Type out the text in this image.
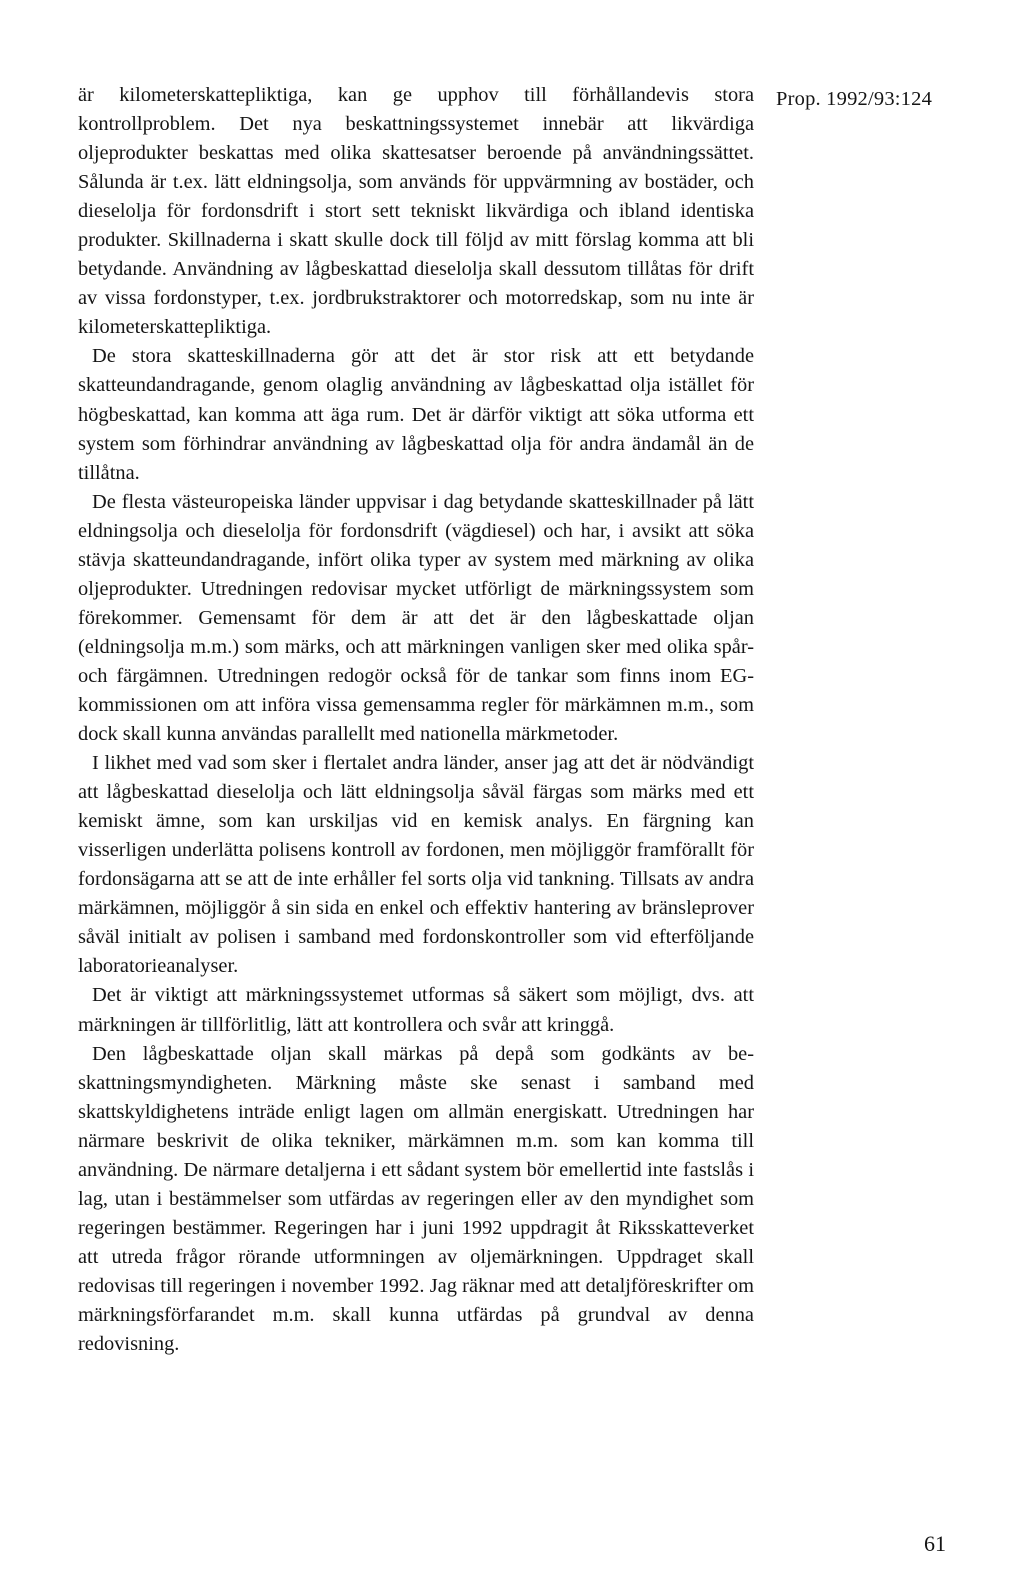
är kilometerskattepliktiga, kan ge upphov till förhållandevis stora kontrollproblem. Det nya beskattningssystemet innebär att likvärdiga oljeprodukter beskattas med olika skattesatser beroende på användningssättet. Sålunda är t.ex. lätt eldningsolja, som används för uppvärmning av bostäder, och dieselolja för fordonsdrift i stort sett tekniskt likvärdiga och ibland identiska produkter. Skillnaderna i skatt skulle dock till följd av mitt förslag komma att bli betydande. Användning av lågbeskattad dieselolja skall dessutom tillåtas för drift av vissa fordonstyper, t.ex. jordbrukstraktorer och motorredskap, som nu inte är kilometerskattepliktiga.

De stora skatteskillnaderna gör att det är stor risk att ett betydande skatteundandragande, genom olaglig användning av lågbeskattad olja istället för högbeskattad, kan komma att äga rum. Det är därför viktigt att söka utforma ett system som förhindrar användning av lågbeskattad olja för andra ändamål än de tillåtna.

De flesta västeuropeiska länder uppvisar i dag betydande skatteskillnader på lätt eldningsolja och dieselolja för fordonsdrift (vägdiesel) och har, i avsikt att söka stävja skatteundandragande, infört olika typer av system med märkning av olika oljeprodukter. Utredningen redovisar mycket utförligt de märkningssystem som förekommer. Gemensamt för dem är att det är den lågbeskattade oljan (eldningsolja m.m.) som märks, och att märkningen vanligen sker med olika spår- och färgämnen. Utredningen redogör också för de tankar som finns inom EG-kommissionen om att införa vissa gemensamma regler för märkämnen m.m., som dock skall kunna användas parallellt med nationella märkmetoder.

I likhet med vad som sker i flertalet andra länder, anser jag att det är nödvändigt att lågbeskattad dieselolja och lätt eldningsolja såväl färgas som märks med ett kemiskt ämne, som kan urskiljas vid en kemisk analys. En färgning kan visserligen underlätta polisens kontroll av fordonen, men möjliggör framförallt för fordonsägarna att se att de inte erhåller fel sorts olja vid tankning. Tillsats av andra märkämnen, möjliggör å sin sida en enkel och effektiv hantering av bränsleprover såväl initialt av polisen i samband med fordonskontroller som vid efterföljande laboratorieanalyser.

Det är viktigt att märkningssystemet utformas så säkert som möjligt, dvs. att märkningen är tillförlitlig, lätt att kontrollera och svår att kringgå.

Den lågbeskattade oljan skall märkas på depå som godkänts av beskattningsmyndigheten. Märkning måste ske senast i samband med skattskyldighetens inträde enligt lagen om allmän energiskatt. Utredningen har närmare beskrivit de olika tekniker, märkämnen m.m. som kan komma till användning. De närmare detaljerna i ett sådant system bör emellertid inte fastslås i lag, utan i bestämmelser som utfärdas av regeringen eller av den myndighet som regeringen bestämmer. Regeringen har i juni 1992 uppdragit åt Riksskatteverket att utreda frågor rörande utformningen av oljemärkningen. Uppdraget skall redovisas till regeringen i november 1992. Jag räknar med att detaljföreskrifter om märkningsförfarandet m.m. skall kunna utfärdas på grundval av denna redovisning.

Prop. 1992/93:124
61
